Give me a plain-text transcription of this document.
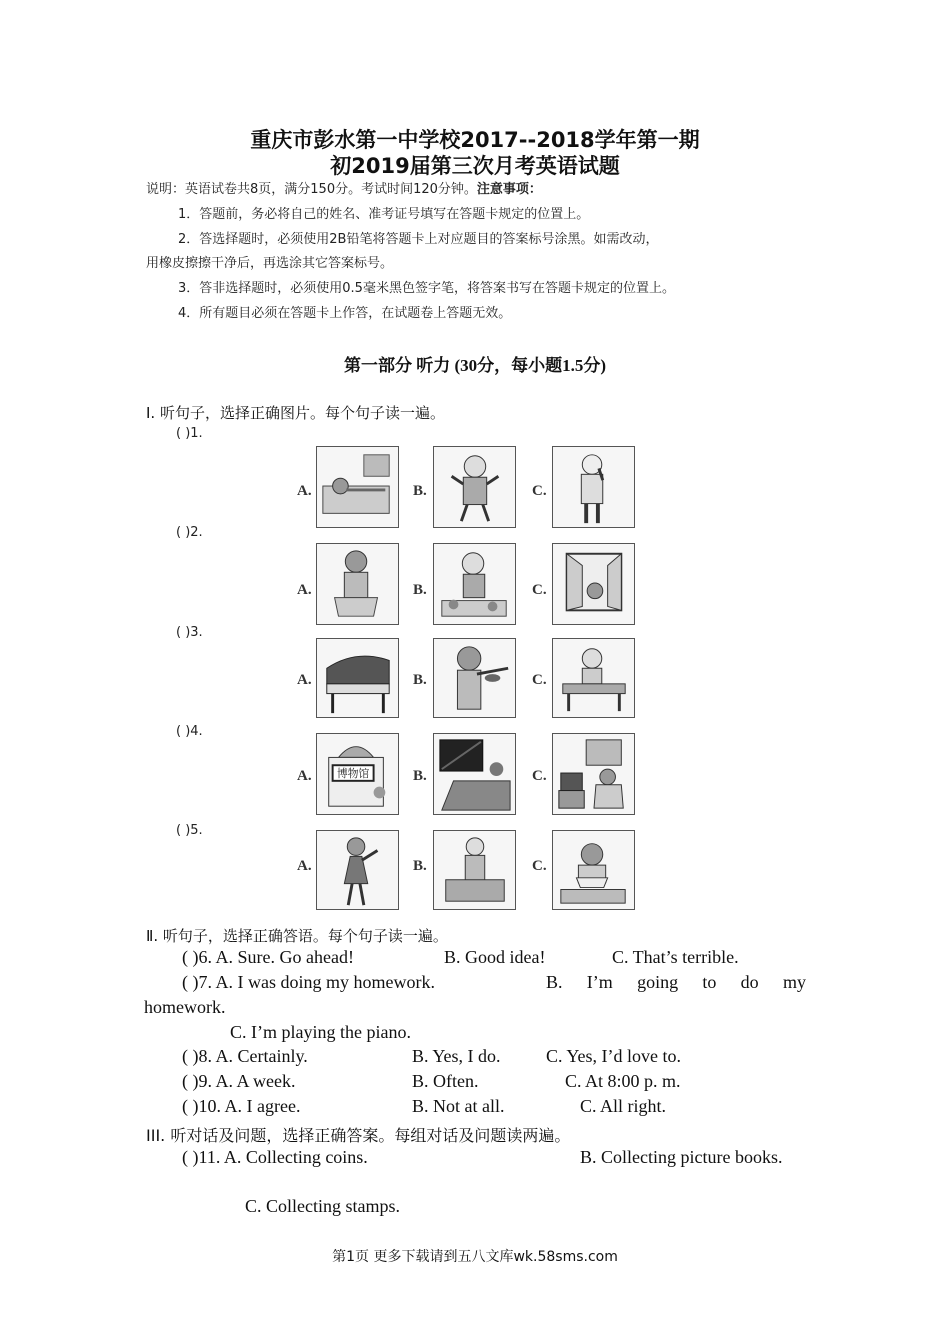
重庆市彭水第一中学校2017--2018学年第一期
初2019届第三次月考英语试题
说明：英语试卷共8页，满分150分。考试时间120分钟。注意事项：
1．答题前，务必将自己的姓名、准考证号填写在答题卡规定的位置上。
2．答选择题时，必须使用2B铅笔将答题卡上对应题目的答案标号涂黑。如需改动，
用橡皮擦擦干净后，再选涂其它答案标号。
3．答非选择题时，必须使用0.5毫米黑色签字笔，将答案书写在答题卡规定的位置上。
4．所有题目必须在答题卡上作答，在试题卷上答题无效。
第一部分 听力 (30分，每小题1.5分)
Ⅰ. 听句子，选择正确图片。每个句子读一遍。
( )1.
( )2.
( )3.
( )4.
( )5.
A.	B.	C.
A.	B.	C.
A.	B.	C.
A. 博物馆	B.	C.
A.	B.	C.
Ⅱ. 听句子，选择正确答语。每个句子读一遍。
( )6. A. Sure. Go ahead!	B. Good idea!	C. That’s terrible.
( )7. A. I was doing my homework.	B. I’m going to do my
homework.
C. I’m playing the piano.
( )8. A. Certainly.	B. Yes, I do.	C. Yes, I’d love to.
( )9. A. A week.	B. Often.	C. At 8:00 p. m.
( )10. A. I agree.	B. Not at all.	C. All right.
III. 听对话及问题，选择正确答案。每组对话及问题读两遍。
( )11. A. Collecting coins.	B. Collecting picture books.
C. Collecting stamps.
第1页 更多下载请到五八文库wk.58sms.com
